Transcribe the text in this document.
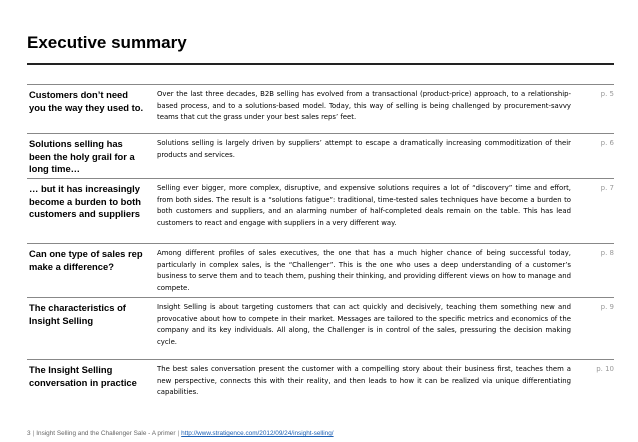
Executive summary
Customers don’t need you the way they used to.
Over the last three decades, B2B selling has evolved from a transactional (product-price) approach, to a relationship-based process, and to a solutions-based model. Today, this way of selling is being challenged by procurement-savvy teams that cut the grass under your best sales reps’ feet.
p. 5
Solutions selling has been the holy grail for a long time…
Solutions selling is largely driven by suppliers’ attempt to escape a dramatically increasing commoditization of their products and services.
p. 6
… but it has increasingly become a burden to both customers and suppliers
Selling ever bigger, more complex, disruptive, and expensive solutions requires a lot of “discovery” time and effort, from both sides. The result is a “solutions fatigue”: traditional, time-tested sales techniques have become a burden to both customers and suppliers, and an alarming number of half-completed deals remain on the table. This has lead customers to react and engage with suppliers in a very different way.
p. 7
Can one type of sales rep make a difference?
Among different profiles of sales executives, the one that has a much higher chance of being successful today, particularly in complex sales, is the “Challenger”. This is the one who uses a deep understanding of a customer’s business to serve them and to teach them, pushing their thinking, and providing different views on how to manage and compete.
p. 8
The characteristics of Insight Selling
Insight Selling is about targeting customers that can act quickly and decisively, teaching them something new and provocative about how to compete in their market. Messages are tailored to the specific metrics and economics of the company and its key individuals. All along, the Challenger is in control of the sales, pressuring the decision making cycle.
p. 9
The Insight Selling conversation in practice
The best sales conversation present the customer with a compelling story about their business first, teaches them a new perspective, connects this with their reality, and then leads to how it can be realized via unique differentiating capabilities.
p. 10
3 | Insight Selling and the Challenger Sale - A primer | http://www.stratigence.com/2012/09/24/insight-selling/
